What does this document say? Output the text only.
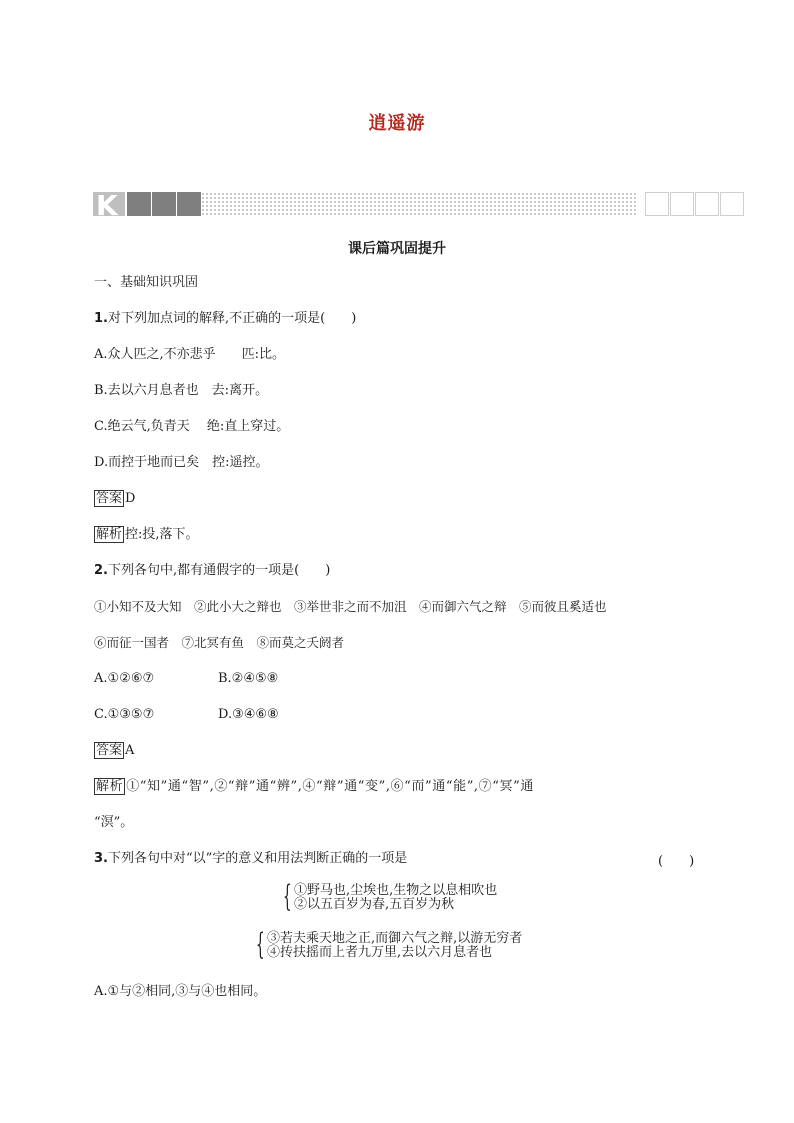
逍遥游
K
课后篇巩固提升
一、基础知识巩固
1.对下列加点词的解释,不正确的一项是(　　)
A.众人匹之,不亦悲乎　　匹:比。
B.去以六月息者也　去:离开。
C.绝云气,负青天　 绝:直上穿过。
D.而控于地而已矣　控:遥控。
答案 D
解析 控:投,落下。
2.下列各句中,都有通假字的一项是(　　)
①小知不及大知　②此小大之辩也　③举世非之而不加沮　④而御六气之辩　⑤而彼且奚适也
⑥而征一国者　⑦北冥有鱼　⑧而莫之夭阏者
A.①②⑥⑦	B.②④⑤⑧
C.①③⑤⑦	D.③④⑥⑧
答案 A
解析 ①“知”通“智”,②“辩”通“辨”,④“辩”通“变”,⑥“而”通“能”,⑦“冥”通
“溟”。
3.下列各句中对“以”字的意义和用法判断正确的一项是	(　　)
{ ①野马也,尘埃也,生物之以息相吹也
②以五百岁为春,五百岁为秋
{ ③若夫乘天地之正,而御六气之辩,以游无穷者
④抟扶摇而上者九万里,去以六月息者也
A.①与②相同,③与④也相同。
